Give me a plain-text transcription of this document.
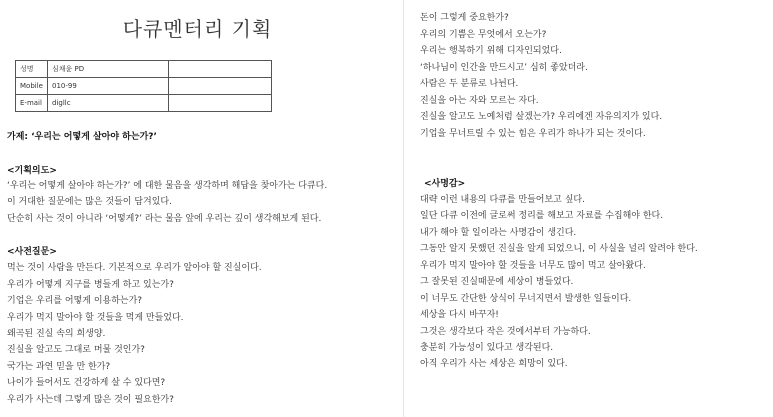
다큐멘터리 기획
성명	심채윤 PD	
Mobile	010-99	
E-mail	digllc	
가제: ‘우리는 어떻게 살아야 하는가?’
<기획의도>
‘우리는 어떻게 살아야 하는가?’ 에 대한 물음을 생각하며 해답을 찾아가는 다큐다.
이 거대한 질문에는 많은 것들이 담겨있다.
단순히 사는 것이 아니라 ‘어떻게?’ 라는 물음 앞에 우리는 깊이 생각해보게 된다.
<사전질문>
먹는 것이 사람을 만든다. 기본적으로 우리가 알아야 할 진실이다.
우리가 어떻게 지구를 병들게 하고 있는가?
기업은 우리를 어떻게 이용하는가?
우리가 먹지 말아야 할 것들을 먹게 만들었다.
왜곡된 진실 속의 희생양.
진실을 알고도 그대로 머물 것인가?
국가는 과연 믿을 만 한가?
나이가 들어서도 건강하게 살 수 있다면?
우리가 사는데 그렇게 많은 것이 필요한가?
돈이 그렇게 중요한가?
우리의 기쁨은 무엇에서 오는가?
우리는 행복하기 위해 디자인되었다.
‘하나님이 인간을 만드시고’ 심히 좋았더라.
사람은 두 분류로 나뉜다.
진실을 아는 자와 모르는 자다.
진실을 알고도 노예처럼 살겠는가? 우리에겐 자유의지가 있다.
기업을 무너트릴 수 있는 힘은 우리가 하나가 되는 것이다.
<사명감>
대략 이런 내용의 다큐를 만들어보고 싶다.
일단 다큐 이전에 글로써 정리를 해보고 자료를 수집해야 한다.
내가 해야 할 일이라는 사명감이 생긴다.
그동안 알지 못했던 진실을 알게 되었으니, 이 사실을 널리 알려야 한다.
우리가 먹지 말아야 할 것들을 너무도 많이 먹고 살아왔다.
그 잘못된 진실때문에 세상이 병들었다.
이 너무도 간단한 상식이 무너지면서 발생한 일들이다.
세상을 다시 바꾸자!
그것은 생각보다 작은 것에서부터 가능하다.
충분히 가능성이 있다고 생각된다.
아직 우리가 사는 세상은 희망이 있다.
